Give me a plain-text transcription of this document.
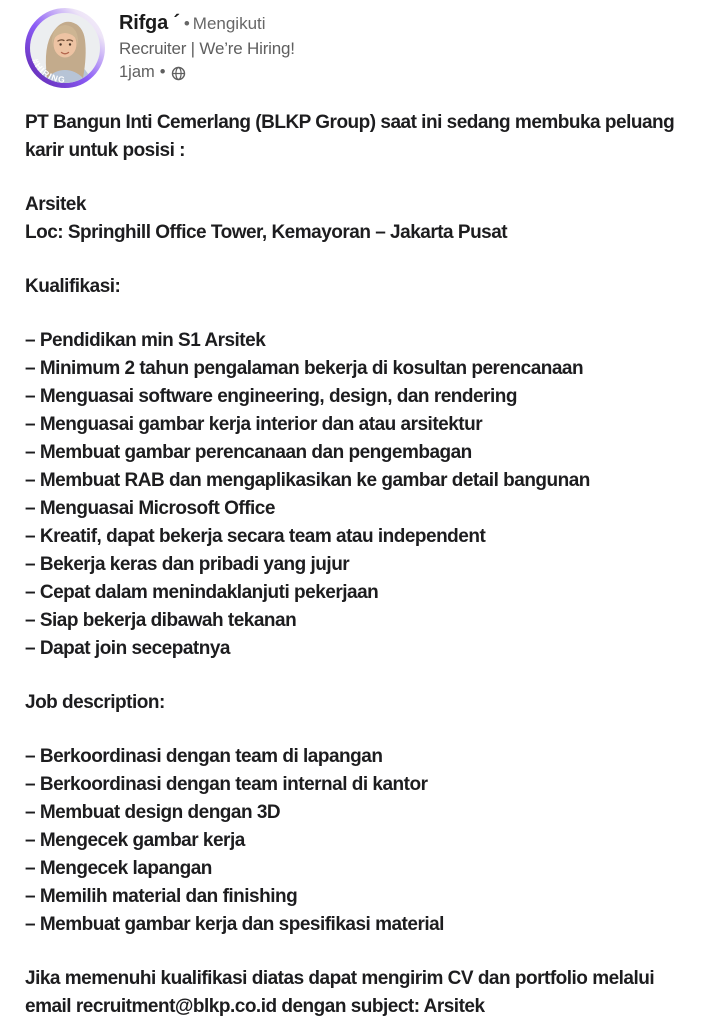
#HIRING
Rifga ´ • Mengikuti
Recruiter | We’re Hiring!
1jam •

PT Bangun Inti Cemerlang (BLKP Group) saat ini sedang membuka peluang karir untuk posisi :

Arsitek
Loc: Springhill Office Tower, Kemayoran – Jakarta Pusat

Kualifikasi:

– Pendidikan min S1 Arsitek
– Minimum 2 tahun pengalaman bekerja di kosultan perencanaan
– Menguasai software engineering, design, dan rendering
– Menguasai gambar kerja interior dan atau arsitektur
– Membuat gambar perencanaan dan pengembagan
– Membuat RAB dan mengaplikasikan ke gambar detail bangunan
– Menguasai Microsoft Office
– Kreatif, dapat bekerja secara team atau independent
– Bekerja keras dan pribadi yang jujur
– Cepat dalam menindaklanjuti pekerjaan
– Siap bekerja dibawah tekanan
– Dapat join secepatnya

Job description:

– Berkoordinasi dengan team di lapangan
– Berkoordinasi dengan team internal di kantor
– Membuat design dengan 3D
– Mengecek gambar kerja
– Mengecek lapangan
– Memilih material dan finishing
– Membuat gambar kerja dan spesifikasi material

Jika memenuhi kualifikasi diatas dapat mengirim CV dan portfolio melalui email recruitment@blkp.co.id dengan subject: Arsitek
